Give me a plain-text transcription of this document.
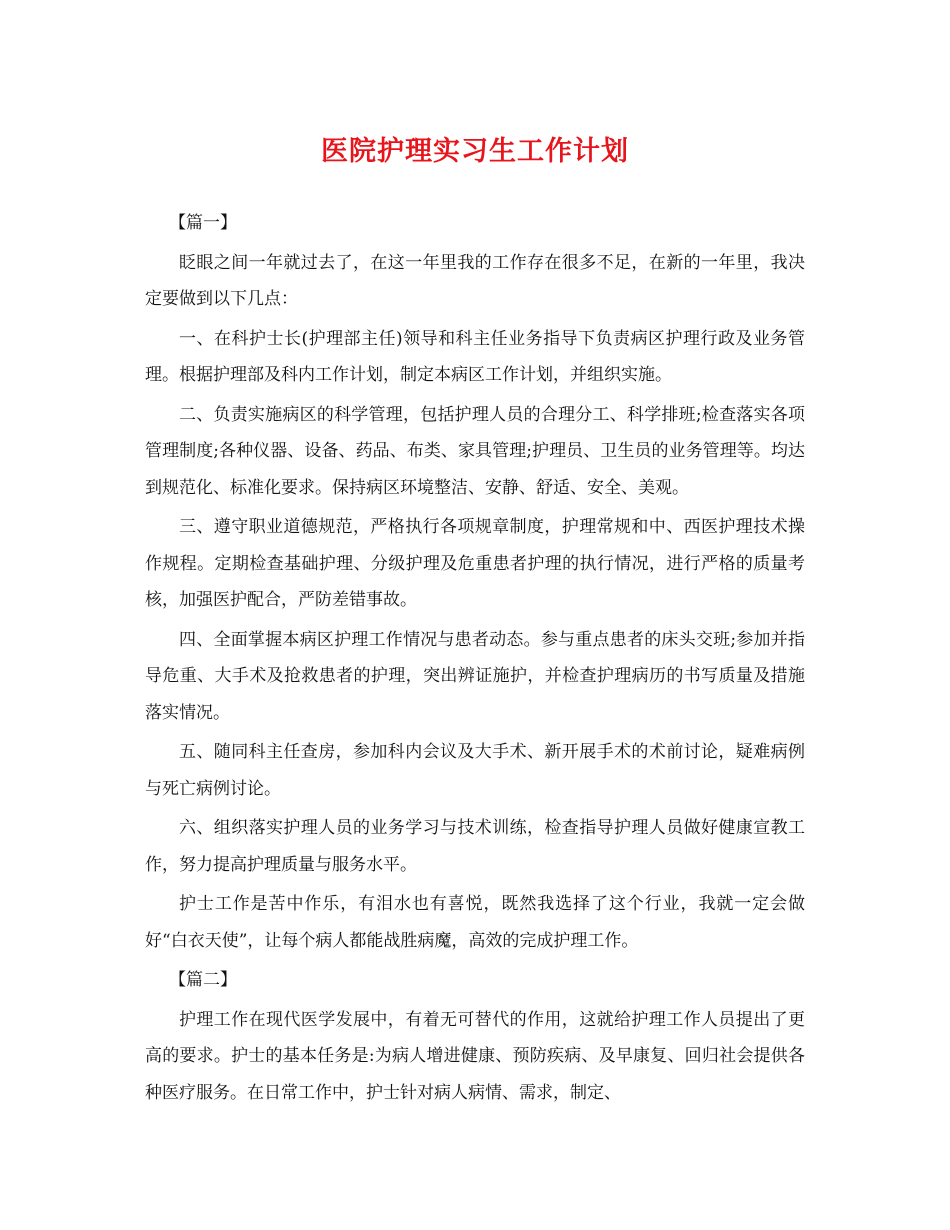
医院护理实习生工作计划

【篇一】

眨眼之间一年就过去了，在这一年里我的工作存在很多不足，在新的一年里，我决定要做到以下几点：

一、在科护士长(护理部主任)领导和科主任业务指导下负责病区护理行政及业务管理。根据护理部及科内工作计划，制定本病区工作计划，并组织实施。

二、负责实施病区的科学管理，包括护理人员的合理分工、科学排班;检查落实各项管理制度;各种仪器、设备、药品、布类、家具管理;护理员、卫生员的业务管理等。均达到规范化、标准化要求。保持病区环境整洁、安静、舒适、安全、美观。

三、遵守职业道德规范，严格执行各项规章制度，护理常规和中、西医护理技术操作规程。定期检查基础护理、分级护理及危重患者护理的执行情况，进行严格的质量考核，加强医护配合，严防差错事故。

四、全面掌握本病区护理工作情况与患者动态。参与重点患者的床头交班;参加并指导危重、大手术及抢救患者的护理，突出辨证施护，并检查护理病历的书写质量及措施落实情况。

五、随同科主任查房，参加科内会议及大手术、新开展手术的术前讨论，疑难病例与死亡病例讨论。

六、组织落实护理人员的业务学习与技术训练，检查指导护理人员做好健康宣教工作，努力提高护理质量与服务水平。

护士工作是苦中作乐，有泪水也有喜悦，既然我选择了这个行业，我就一定会做好“白衣天使”，让每个病人都能战胜病魔，高效的完成护理工作。

【篇二】

护理工作在现代医学发展中，有着无可替代的作用，这就给护理工作人员提出了更高的要求。护士的基本任务是:为病人增进健康、预防疾病、及早康复、回归社会提供各种医疗服务。在日常工作中，护士针对病人病情、需求，制定、
